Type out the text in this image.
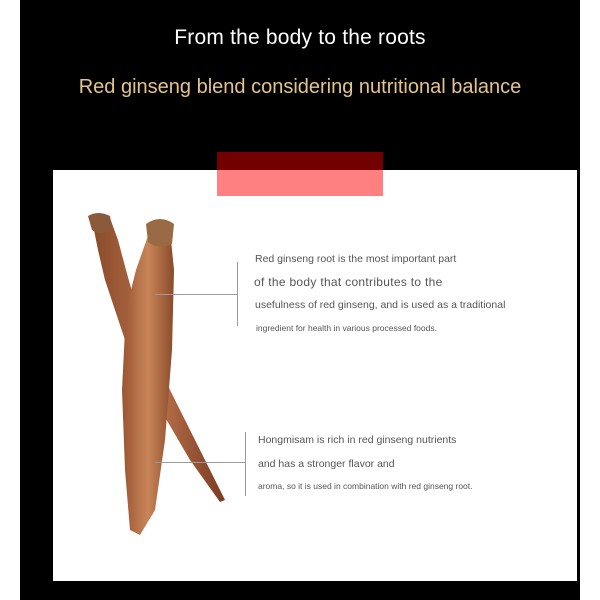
From the body to the roots
Red ginseng blend considering nutritional balance
Red ginseng root is the most important part
of the body that contributes to the
usefulness of red ginseng, and is used as a traditional
ingredient for health in various processed foods.
Hongmisam is rich in red ginseng nutrients
and has a stronger flavor and
aroma, so it is used in combination with red ginseng root.
